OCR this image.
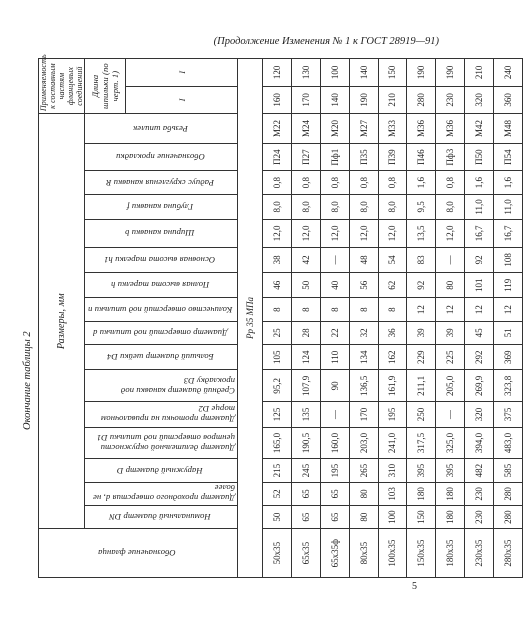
(Продолжение Изменения № 1 к ГОСТ 28919—91)
Окончание таблицы 2
Обозначение фланца	Размеры, мм																Применяемость к составным частям фланцевых соединений	
	Номинальный диаметр DN	Диаметр проходного отверстия d, не более	Наружный диаметр D	Диаметр делительной окружности центров отверстий под шпильки D1	Диаметр проточки на привалочном торце D2	Средний диаметр канавки под прокладку D3	Больший диаметр шейки D4	Диаметр отверстий под шпильки d	Количество отверстий под шпильки n	Полная высота тарелки h	Основная высота тарелки h1	Ширина канавки b	Глубина канавки f	Радиус скругления канавки R	Обозначение прокладки	Резьба шпилек	Длина шпильки (по черт. 1)	
																	I	I
Рр 35 МПа																		
50x35	50	52	215	165,0	125	95,2	105	25	8	46	38	12,0	8,0	0,8	П24	М22	160	120
65x35	65	65	245	190,5	135	107,9	124	28	8	50	42	12,0	8,0	0,8	П27	М24	170	130
65x35ф	65	65	195	160,0	—	90	110	22	8	40	—	12,0	8,0	0,8	Пф1	М20	140	100
80x35	80	80	265	203,0	170	136,5	134	32	8	56	48	12,0	8,0	0,8	П35	М27	190	140
100x35	100	103	310	241,0	195	161,9	162	36	8	62	54	12,0	8,0	0,8	П39	М33	210	150
150x35	150	180	395	317,5	250	211,1	229	39	12	92	83	13,5	9,5	1,6	П46	М36	280	190
180x35	180	180	395	325,0	—	205,0	225	39	12	80	—	12,0	8,0	0,8	Пф3	М36	230	190
230x35	230	230	482	394,0	320	269,9	292	45	12	101	92	16,7	11,0	1,6	П50	М42	320	210
280x35	280	280	585	483,0	375	323,8	369	51	12	119	108	16,7	11,0	1,6	П54	М48	360	240
5
